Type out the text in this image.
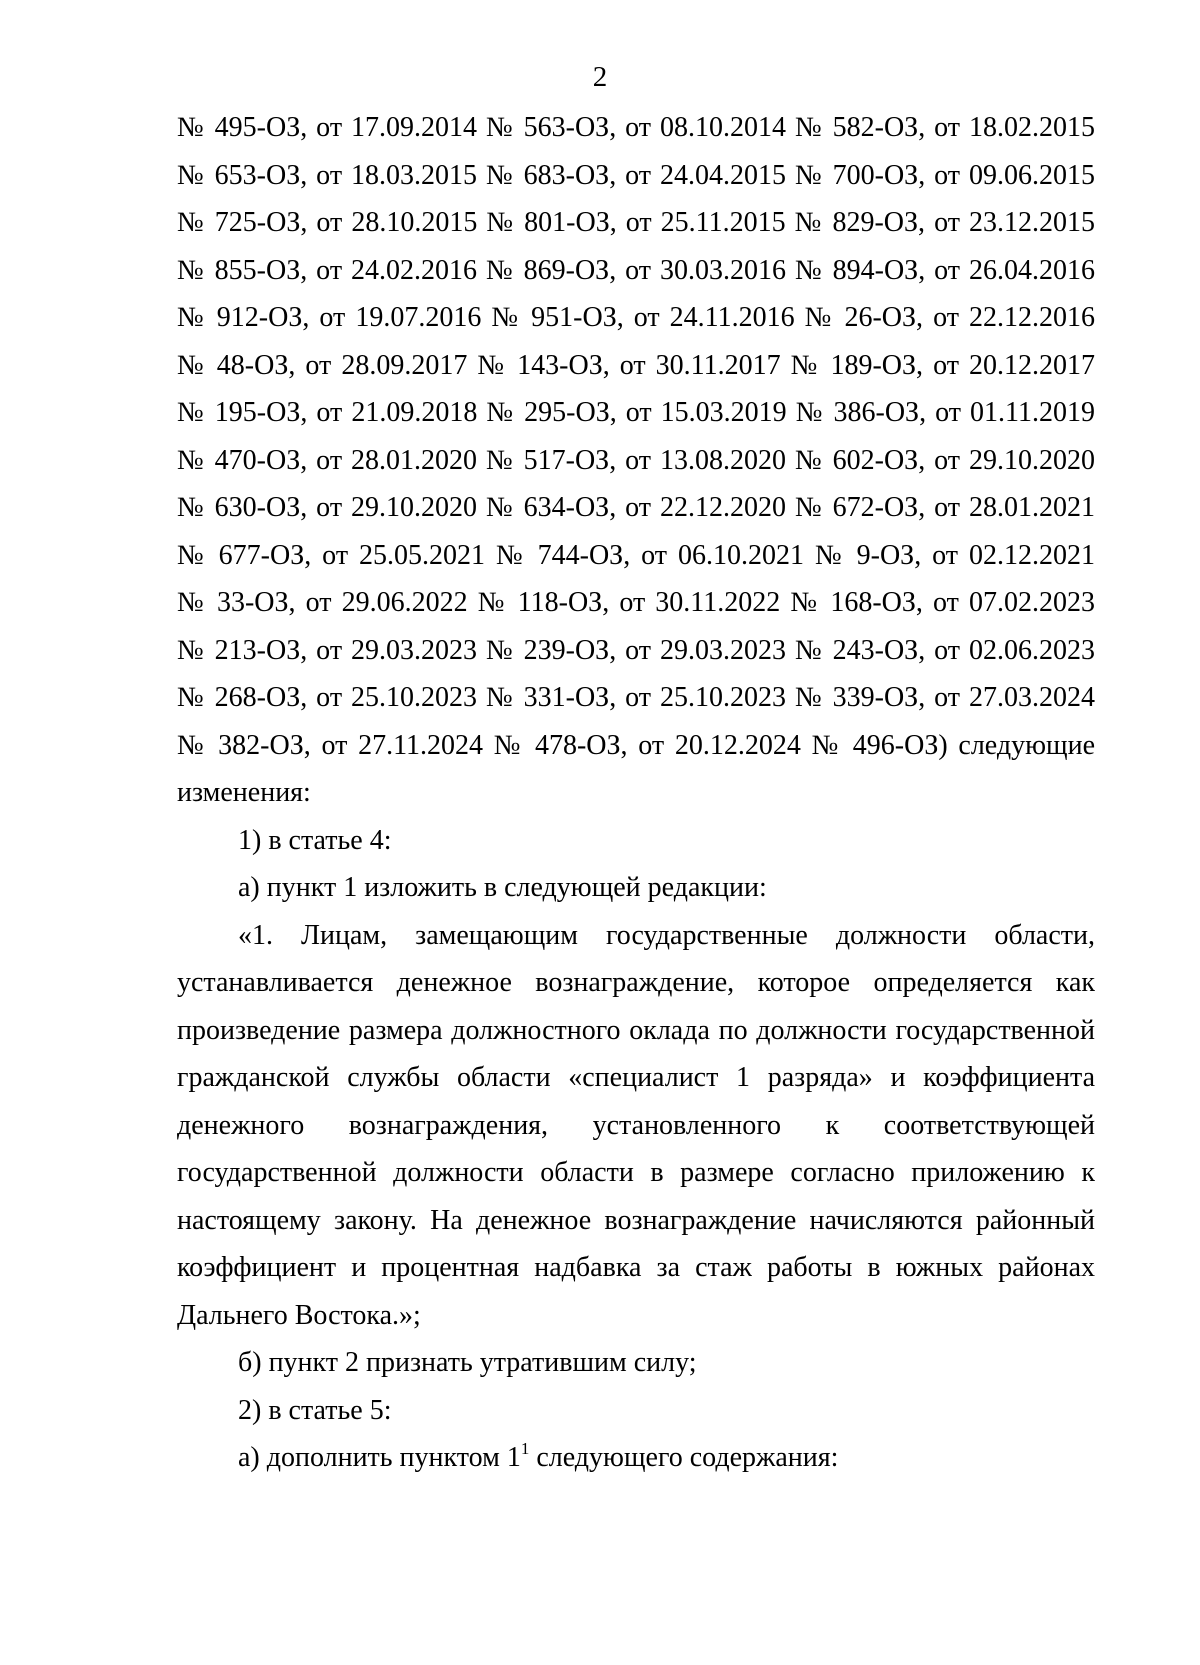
2
№ 495-ОЗ, от 17.09.2014 № 563-ОЗ, от 08.10.2014 № 582-ОЗ, от 18.02.2015
№ 653-ОЗ, от 18.03.2015 № 683-ОЗ, от 24.04.2015 № 700-ОЗ, от 09.06.2015
№ 725-ОЗ, от 28.10.2015 № 801-ОЗ, от 25.11.2015 № 829-ОЗ, от 23.12.2015
№ 855-ОЗ, от 24.02.2016 № 869-ОЗ, от 30.03.2016 № 894-ОЗ, от 26.04.2016
№ 912-ОЗ, от 19.07.2016 № 951-ОЗ, от 24.11.2016 № 26-ОЗ, от 22.12.2016
№ 48-ОЗ, от 28.09.2017 № 143-ОЗ, от 30.11.2017 № 189-ОЗ, от 20.12.2017
№ 195-ОЗ, от 21.09.2018 № 295-ОЗ, от 15.03.2019 № 386-ОЗ, от 01.11.2019
№ 470-ОЗ, от 28.01.2020 № 517-ОЗ, от 13.08.2020 № 602-ОЗ, от 29.10.2020
№ 630-ОЗ, от 29.10.2020 № 634-ОЗ, от 22.12.2020 № 672-ОЗ, от 28.01.2021
№ 677-ОЗ, от 25.05.2021 № 744-ОЗ, от 06.10.2021 № 9-ОЗ, от 02.12.2021
№ 33-ОЗ, от 29.06.2022 № 118-ОЗ, от 30.11.2022 № 168-ОЗ, от 07.02.2023
№ 213-ОЗ, от 29.03.2023 № 239-ОЗ, от 29.03.2023 № 243-ОЗ, от 02.06.2023
№ 268-ОЗ, от 25.10.2023 № 331-ОЗ, от 25.10.2023 № 339-ОЗ, от 27.03.2024
№ 382-ОЗ, от 27.11.2024 № 478-ОЗ, от 20.12.2024 № 496-ОЗ) следующие
изменения:
1) в статье 4:
а) пункт 1 изложить в следующей редакции:
«1. Лицам, замещающим государственные должности области,
устанавливается денежное вознаграждение, которое определяется как
произведение размера должностного оклада по должности государственной
гражданской службы области «специалист 1 разряда» и коэффициента
денежного вознаграждения, установленного к соответствующей
государственной должности области в размере согласно приложению к
настоящему закону. На денежное вознаграждение начисляются районный
коэффициент и процентная надбавка за стаж работы в южных районах
Дальнего Востока.»;
б) пункт 2 признать утратившим силу;
2) в статье 5:
а) дополнить пунктом $1^1$ следующего содержания:
